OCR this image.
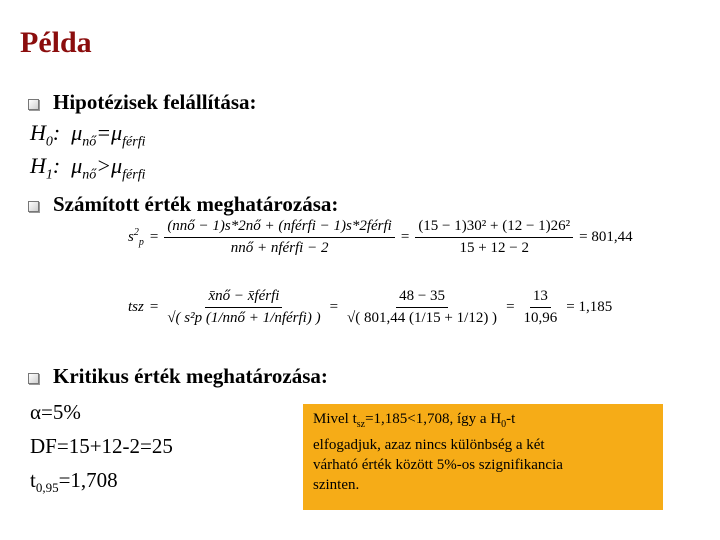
Példa
Hipotézisek felállítása:
$H_0$: $\mu_{nő}=\mu_{férfi}$
$H_1$: $\mu_{nő}>\mu_{férfi}$
Számított érték meghatározása:
$s^2_p = \frac{\text{(nnő − 1)s*2nő + (nférfi − 1)s*2férfi}}{\text{nnő + nférfi − 2}} = \frac{\text{(15 − 1)30² + (12 − 1)26²}}{15 + 12 - 2} = 801,44$
tsz = $\frac{\text{x̄nő − x̄férfi}}{\text{√( s²p (1/nnő + 1/nférfi) )}} = \frac{48 - 35}{√( 801,44 (1/15 + 1/12) )} = \frac{13}{10,96} = 1,185$
Kritikus érték meghatározása:
α=5%
DF=15+12-2=25
$t_{0,95}=1,708$
Mivel $t_{sz}=1,185<1,708$, így a $H_0-t$
elfogadjuk, azaz nincs különbség a két
várható érték között 5%-os szignifikancia
szinten.
